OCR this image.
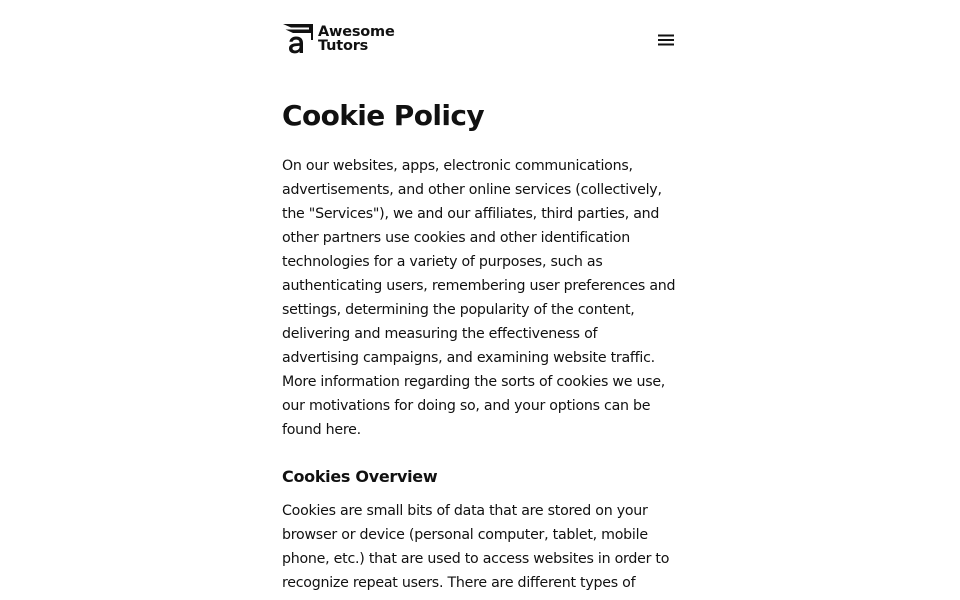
Awesome
Tutors
Cookie Policy

On our websites, apps, electronic communications, advertisements, and other online services (collectively, the "Services"), we and our affiliates, third parties, and other partners use cookies and other identification technologies for a variety of purposes, such as authenticating users, remembering user preferences and settings, determining the popularity of the content, delivering and measuring the effectiveness of advertising campaigns, and examining website traffic. More information regarding the sorts of cookies we use, our motivations for doing so, and your options can be found here.

Cookies Overview

Cookies are small bits of data that are stored on your browser or device (personal computer, tablet, mobile phone, etc.) that are used to access websites in order to recognize repeat users. There are different types of
